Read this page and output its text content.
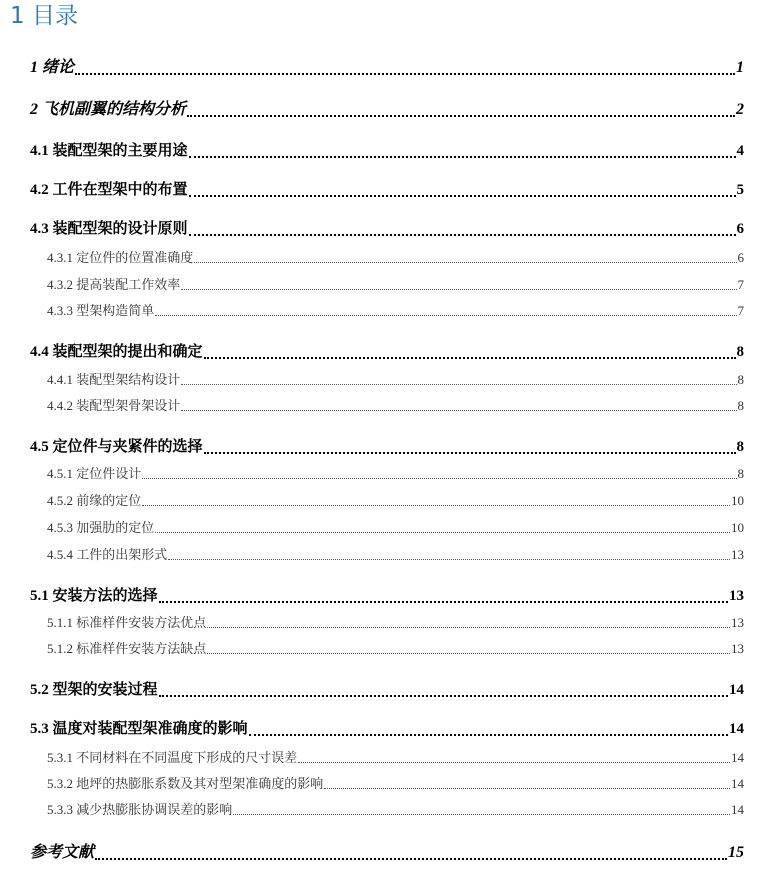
1 目录
1 绪论	1
2 飞机副翼的结构分析	2
4.1 装配型架的主要用途	4
4.2 工件在型架中的布置	5
4.3 装配型架的设计原则	6
4.3.1 定位件的位置准确度	6
4.3.2 提高装配工作效率	7
4.3.3 型架构造简单	7
4.4 装配型架的提出和确定	8
4.4.1 装配型架结构设计	8
4.4.2 装配型架骨架设计	8
4.5 定位件与夹紧件的选择	8
4.5.1 定位件设计	8
4.5.2 前缘的定位	10
4.5.3 加强肋的定位	10
4.5.4 工件的出架形式	13
5.1 安装方法的选择	13
5.1.1 标准样件安装方法优点	13
5.1.2 标准样件安装方法缺点	13
5.2 型架的安装过程	14
5.3 温度对装配型架准确度的影响	14
5.3.1 不同材料在不同温度下形成的尺寸误差	14
5.3.2 地坪的热膨胀系数及其对型架准确度的影响	14
5.3.3 减少热膨胀协调误差的影响	14
参考文献	15
